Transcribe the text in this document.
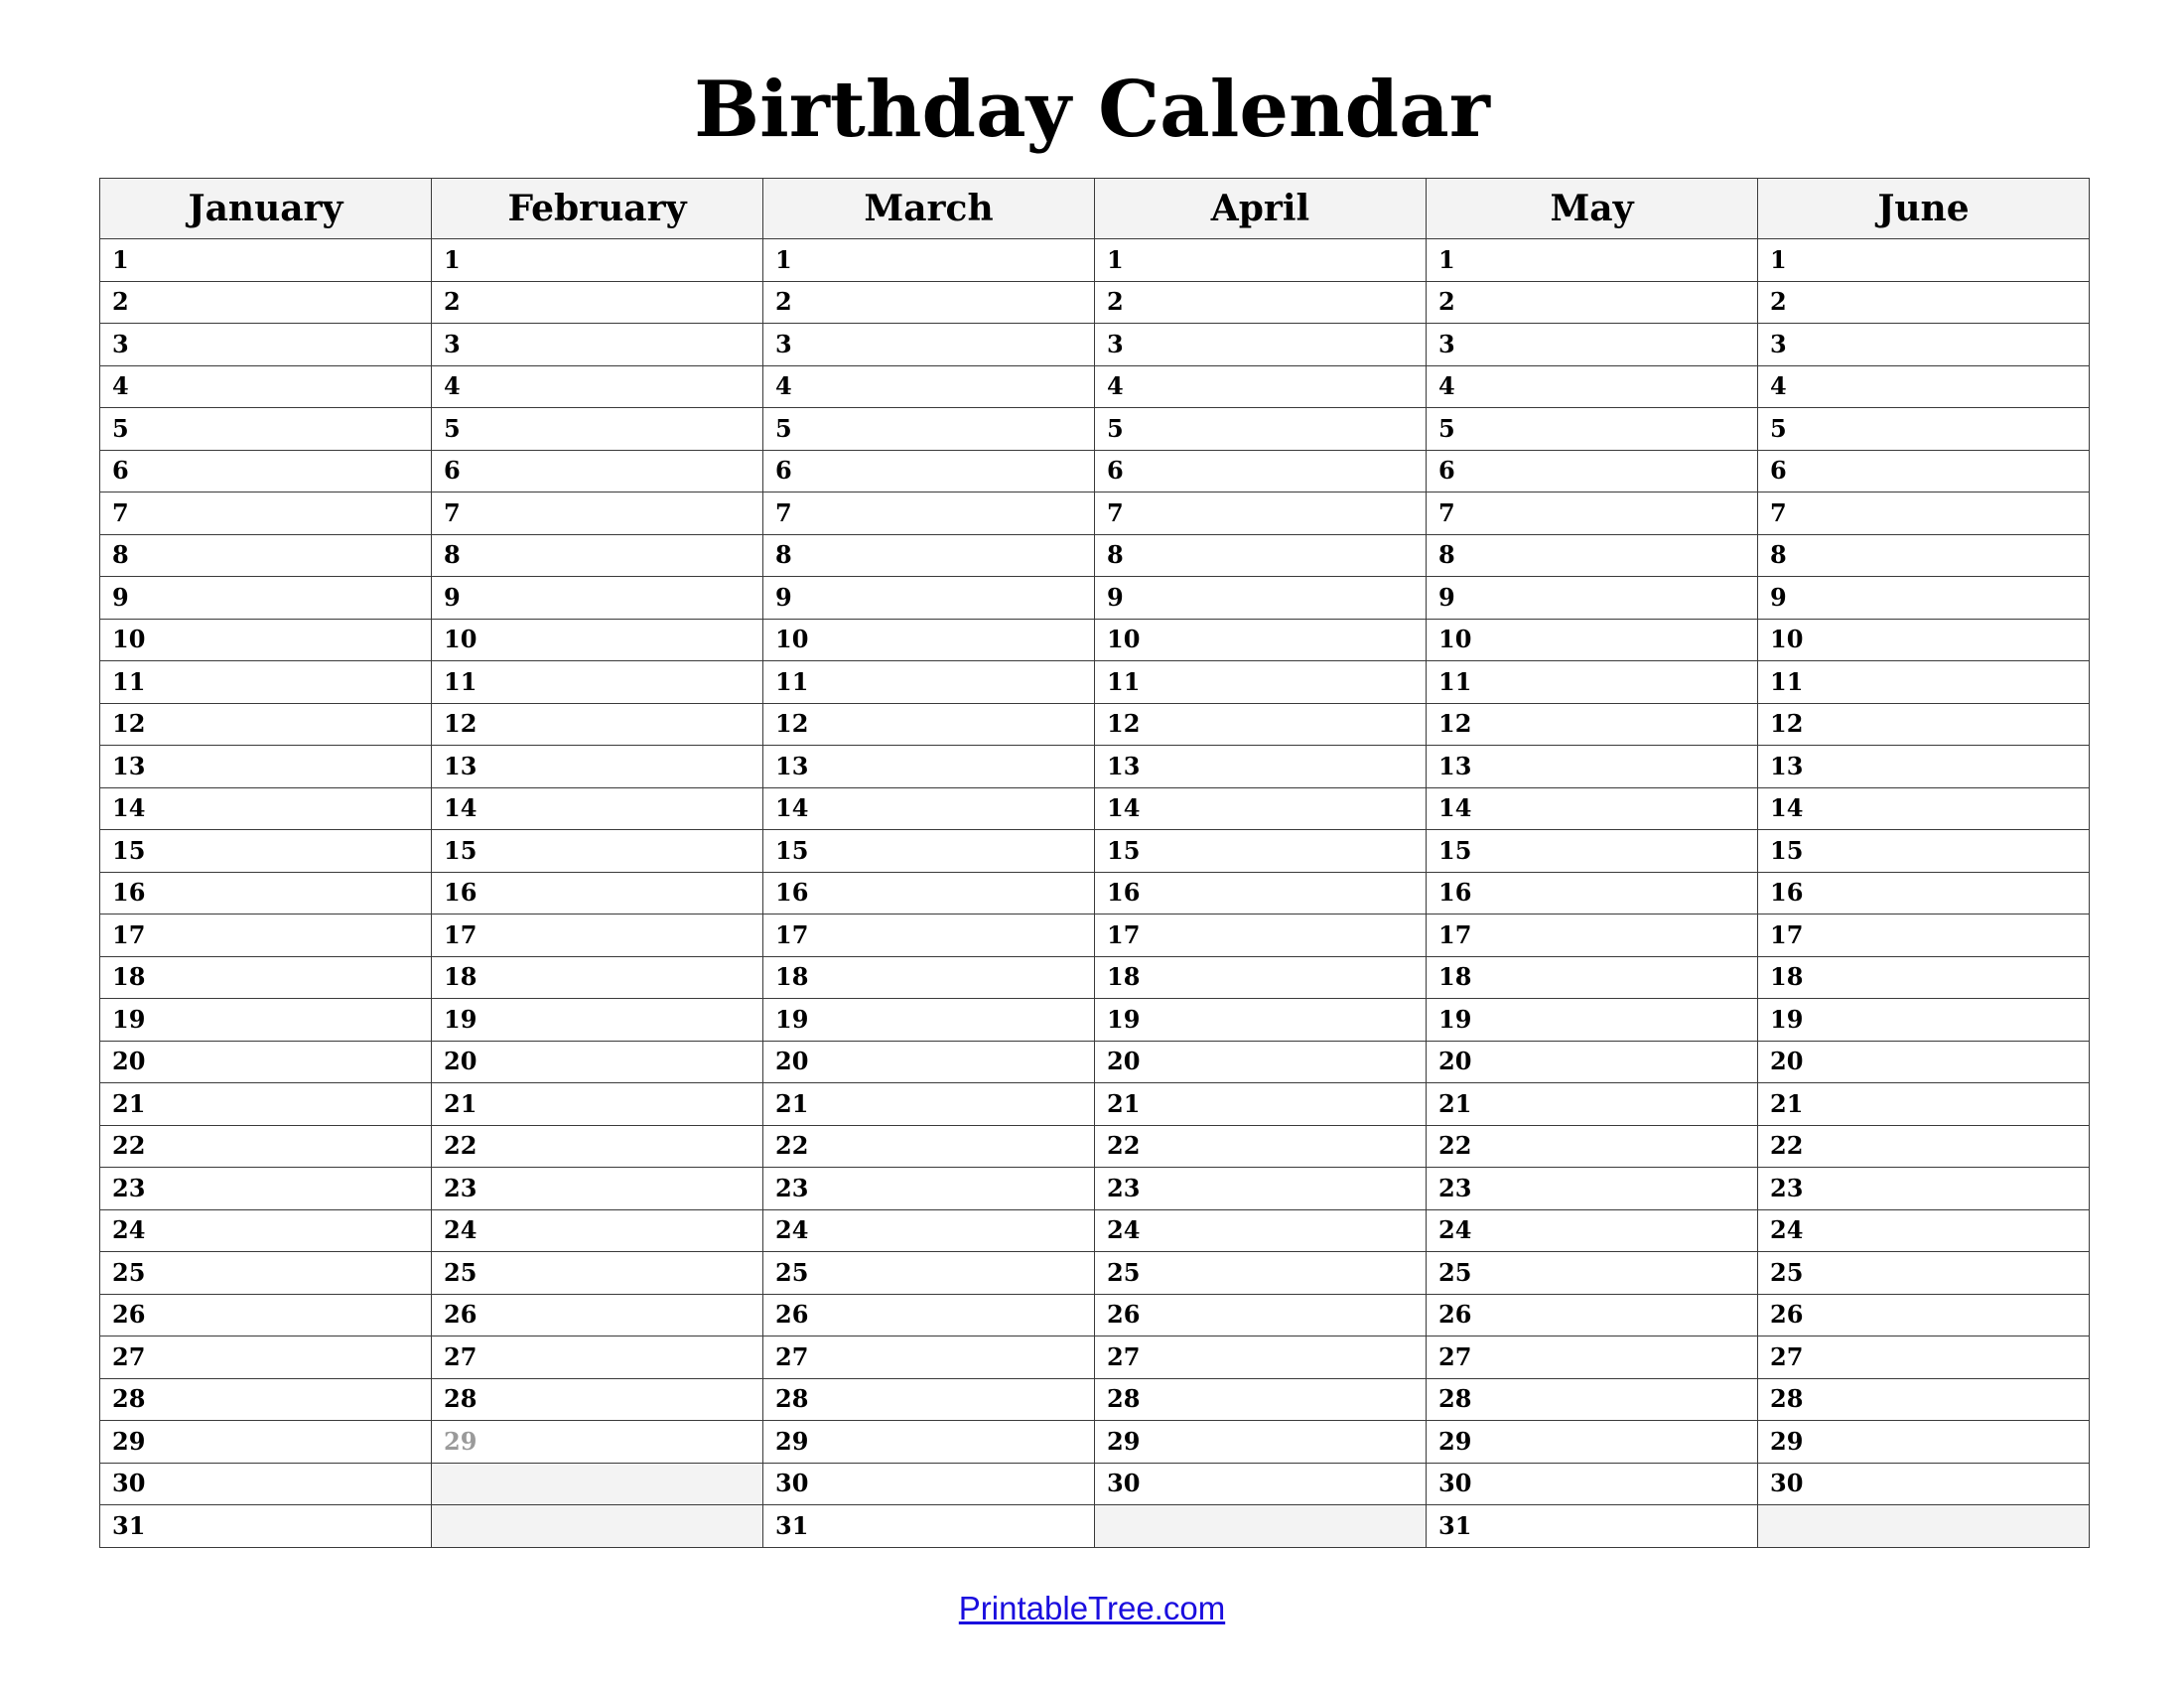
Birthday Calendar
January	February	March	April	May	June
1	1	1	1	1	1
2	2	2	2	2	2
3	3	3	3	3	3
4	4	4	4	4	4
5	5	5	5	5	5
6	6	6	6	6	6
7	7	7	7	7	7
8	8	8	8	8	8
9	9	9	9	9	9
10	10	10	10	10	10
11	11	11	11	11	11
12	12	12	12	12	12
13	13	13	13	13	13
14	14	14	14	14	14
15	15	15	15	15	15
16	16	16	16	16	16
17	17	17	17	17	17
18	18	18	18	18	18
19	19	19	19	19	19
20	20	20	20	20	20
21	21	21	21	21	21
22	22	22	22	22	22
23	23	23	23	23	23
24	24	24	24	24	24
25	25	25	25	25	25
26	26	26	26	26	26
27	27	27	27	27	27
28	28	28	28	28	28
29	29	29	29	29	29
30		30	30	30	30
31		31		31	
PrintableTree.com
